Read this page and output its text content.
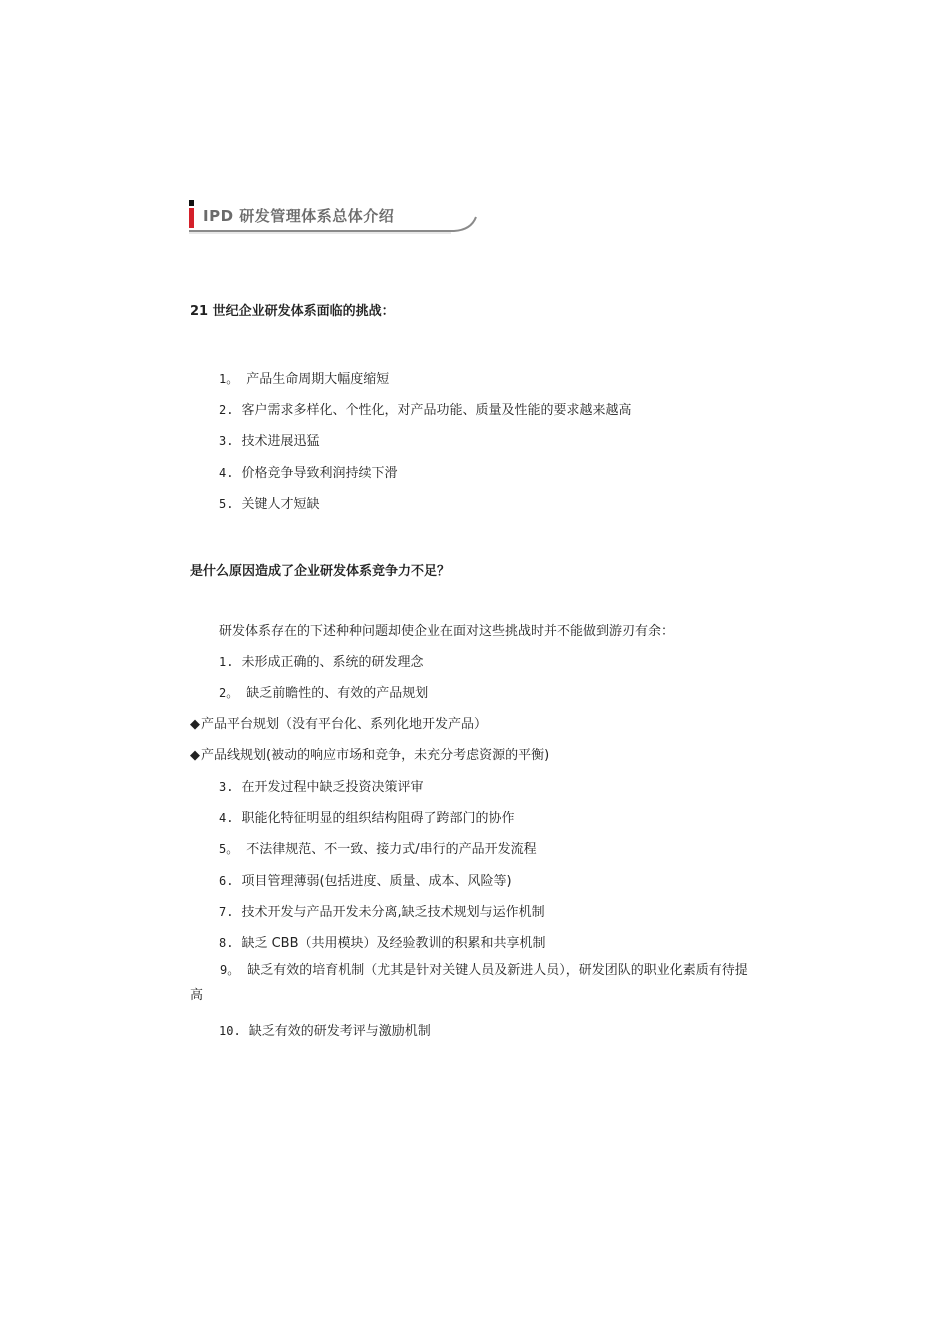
IPD 研发管理体系总体介绍
21 世纪企业研发体系面临的挑战：
1。 产品生命周期大幅度缩短
2. 客户需求多样化、个性化，对产品功能、质量及性能的要求越来越高
3. 技术进展迅猛
4. 价格竞争导致利润持续下滑
5. 关键人才短缺
是什么原因造成了企业研发体系竞争力不足？
研发体系存在的下述种种问题却使企业在面对这些挑战时并不能做到游刃有余：
1. 未形成正确的、系统的研发理念
2。 缺乏前瞻性的、有效的产品规划
◆产品平台规划（没有平台化、系列化地开发产品）
◆产品线规划(被动的响应市场和竞争，未充分考虑资源的平衡)
3. 在开发过程中缺乏投资决策评审
4. 职能化特征明显的组织结构阻碍了跨部门的协作
5。 不法律规范、不一致、接力式/串行的产品开发流程
6. 项目管理薄弱(包括进度、质量、成本、风险等)
7. 技术开发与产品开发未分离,缺乏技术规划与运作机制
8. 缺乏 CBB（共用模块）及经验教训的积累和共享机制
9。 缺乏有效的培育机制（尤其是针对关键人员及新进人员），研发团队的职业化素质有待提高
10. 缺乏有效的研发考评与激励机制
